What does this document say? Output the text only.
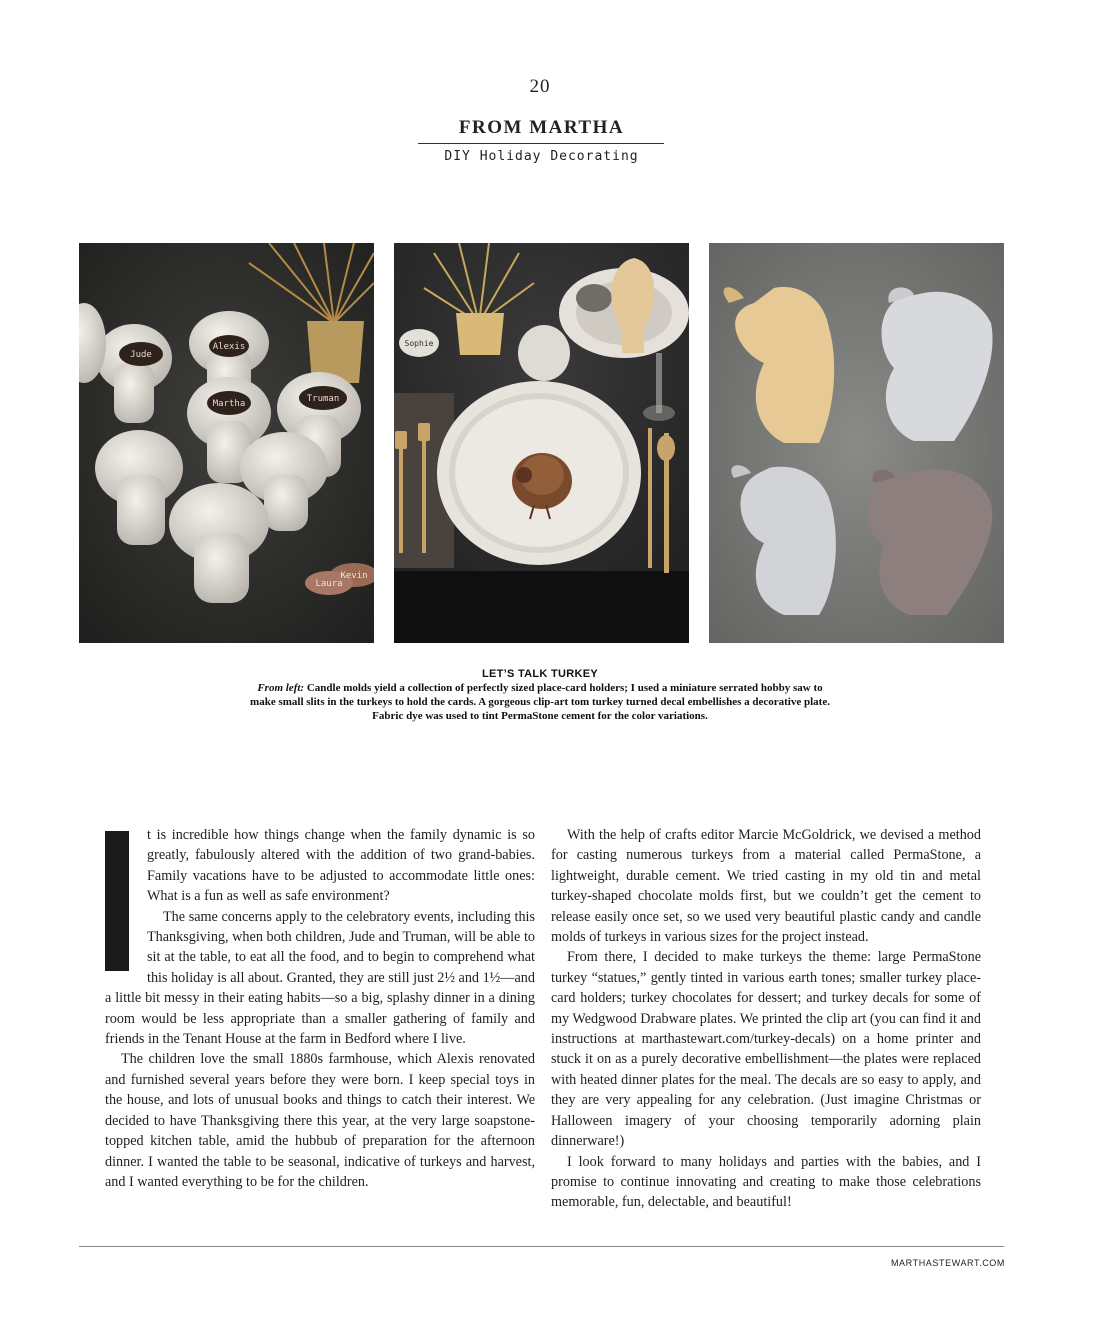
20
FROM MARTHA
DIY Holiday Decorating
Jude
Alexis
Martha	Truman
Kevin
Laura
Sophie
LET’S TALK TURKEY
From left: Candle molds yield a collection of perfectly sized place-card holders; I used a miniature serrated hobby saw to make small slits in the turkeys to hold the cards. A gorgeous clip-art tom turkey turned decal embellishes a decorative plate. Fabric dye was used to tint PermaStone cement for the color variations.

t is incredible how things change when the family dynamic is so greatly, fabulously altered with the addition of two grand-babies. Family vacations have to be adjusted to accommodate little ones: What is a fun as well as safe environment?

The same concerns apply to the celebratory events, including this Thanksgiving, when both children, Jude and Truman, will be able to sit at the table, to eat all the food, and to begin to comprehend what this holiday is all about. Granted, they are still just 2½ and 1½—and a little bit messy in their eating habits—so a big, splashy dinner in a dining room would be less appropriate than a smaller gathering of family and friends in the Tenant House at the farm in Bedford where I live.

The children love the small 1880s farmhouse, which Alexis renovated and furnished several years before they were born. I keep special toys in the house, and lots of unusual books and things to catch their interest. We decided to have Thanksgiving there this year, at the very large soapstone-topped kitchen table, amid the hubbub of preparation for the afternoon dinner. I wanted the table to be seasonal, indicative of turkeys and harvest, and I wanted everything to be for the children.

With the help of crafts editor Marcie McGoldrick, we devised a method for casting numerous turkeys from a material called PermaStone, a lightweight, durable cement. We tried casting in my old tin and metal turkey-shaped chocolate molds first, but we couldn’t get the cement to release easily once set, so we used very beautiful plastic candy and candle molds of turkeys in various sizes for the project instead.

From there, I decided to make turkeys the theme: large PermaStone turkey “statues,” gently tinted in various earth tones; smaller turkey place-card holders; turkey chocolates for dessert; and turkey decals for some of my Wedgwood Drabware plates. We printed the clip art (you can find it and instructions at marthastewart.com/turkey-decals) on a home printer and stuck it on as a purely decorative embellishment—the plates were replaced with heated dinner plates for the meal. The decals are so easy to apply, and they are very appealing for any celebration. (Just imagine Christmas or Halloween imagery of your choosing temporarily adorning plain dinnerware!)

I look forward to many holidays and parties with the babies, and I promise to continue innovating and creating to make those celebrations memorable, fun, delectable, and beautiful!

MARTHASTEWART.COM
